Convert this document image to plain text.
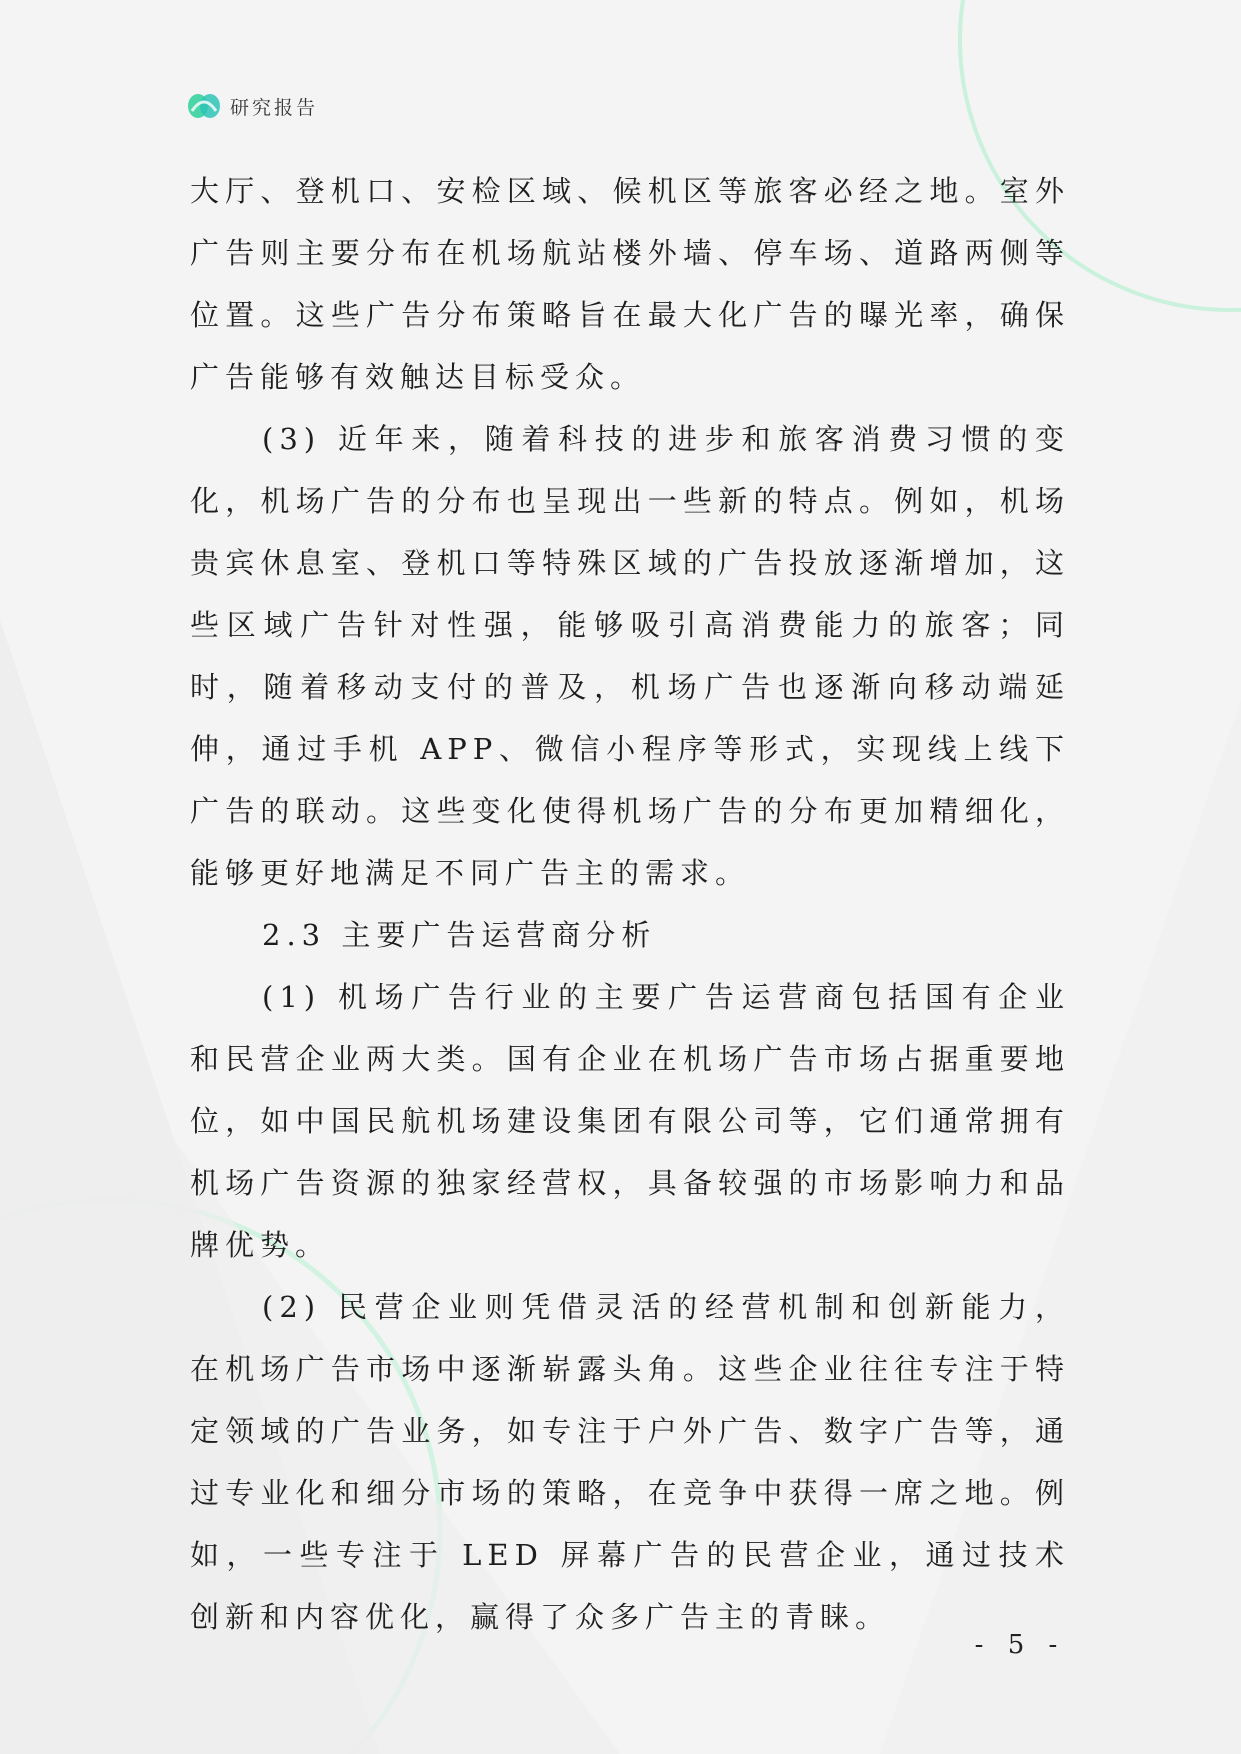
研究报告

大厅、登机口、安检区域、候机区等旅客必经之地。室外广告则主要分布在机场航站楼外墙、停车场、道路两侧等位置。这些广告分布策略旨在最大化广告的曝光率，确保广告能够有效触达目标受众。

(3) 近年来，随着科技的进步和旅客消费习惯的变化，机场广告的分布也呈现出一些新的特点。例如，机场贵宾休息室、登机口等特殊区域的广告投放逐渐增加，这些区域广告针对性强，能够吸引高消费能力的旅客；同时，随着移动支付的普及，机场广告也逐渐向移动端延伸，通过手机 APP、微信小程序等形式，实现线上线下广告的联动。这些变化使得机场广告的分布更加精细化，能够更好地满足不同广告主的需求。

2.3 主要广告运营商分析

(1) 机场广告行业的主要广告运营商包括国有企业和民营企业两大类。国有企业在机场广告市场占据重要地位，如中国民航机场建设集团有限公司等，它们通常拥有机场广告资源的独家经营权，具备较强的市场影响力和品牌优势。

(2) 民营企业则凭借灵活的经营机制和创新能力，在机场广告市场中逐渐崭露头角。这些企业往往专注于特定领域的广告业务，如专注于户外广告、数字广告等，通过专业化和细分市场的策略，在竞争中获得一席之地。例如，一些专注于 LED 屏幕广告的民营企业，通过技术创新和内容优化，赢得了众多广告主的青睐。

- 5 -
